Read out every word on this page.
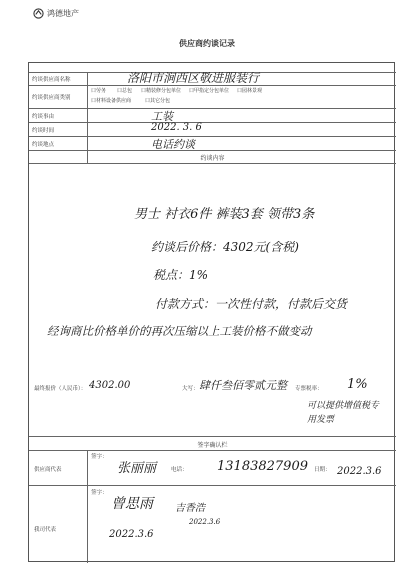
鸿德地产
供应商约谈记录
约谈供应商名称	洛阳市涧西区敬进服装行
约谈供应商类别
口劳务 口总包 口精装修分包单位 口甲指定分包单位
口材料设备供应商	口其它分包
口园林景观
约谈事由	工装
约谈时间	2022. 3. 6
约谈地点	电话约谈
约谈内容
男士 衬衣6件 裤装3套 领带3条
约谈后价格：4302元(含税)
税点：1%
付款方式：一次性付款，付款后交货
经询商比价格单价的再次压缩以上工装价格不做变动
最终报价（人民币）： 4302.00	大写： 肆仟叁佰零贰元整 专票税率： 1%
可以提供增值税专用发票
签字确认栏
供应商代表
签字：
张丽丽	电话： 13183827909 日期： 2022.3.6
我司代表
签字：
曾思雨 吉香浩
2022.3.6
2022.3.6
